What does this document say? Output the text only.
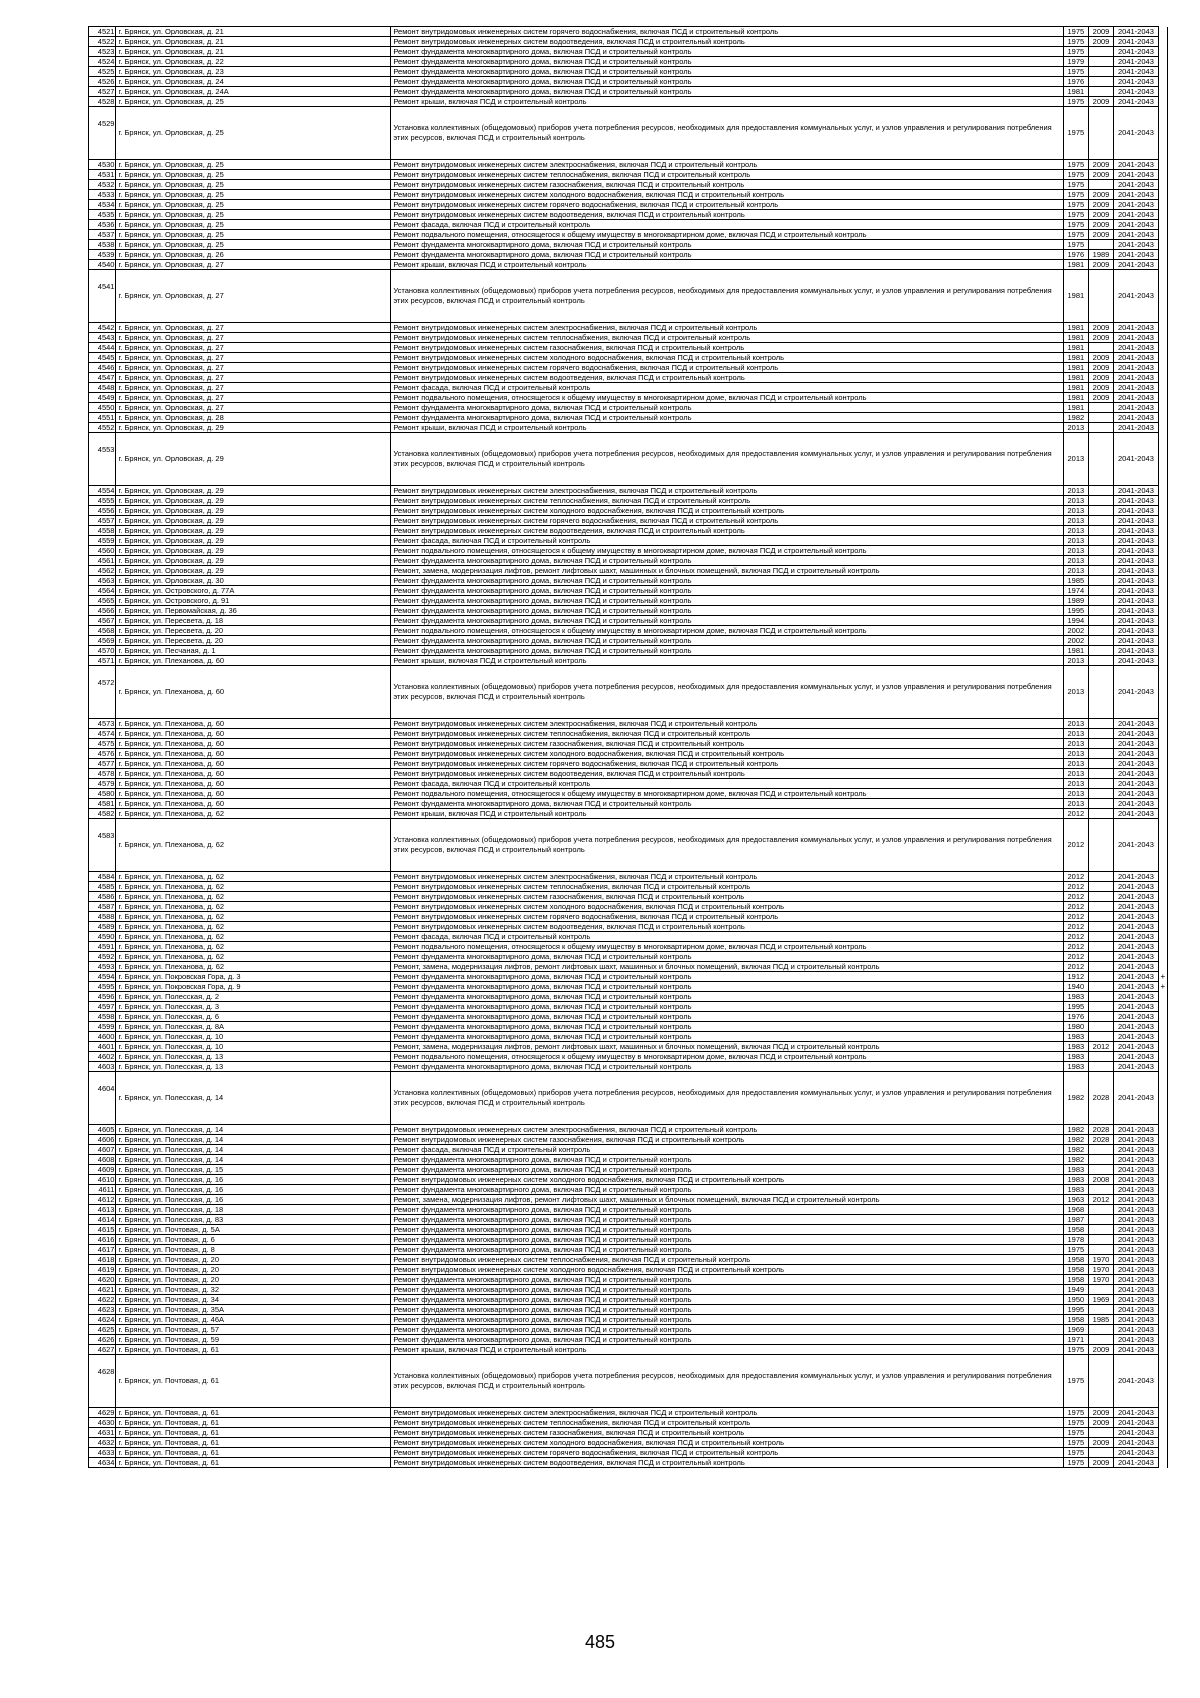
4521	г. Брянск, ул. Орловская, д. 21	Ремонт внутридомовых инженерных систем горячего водоснабжения, включая ПСД и строительный контроль	1975	2009	2041-2043	
4522	г. Брянск, ул. Орловская, д. 21	Ремонт внутридомовых инженерных систем водоотведения, включая ПСД и строительный контроль	1975	2009	2041-2043	
4523	г. Брянск, ул. Орловская, д. 21	Ремонт фундамента многоквартирного дома, включая ПСД и строительный контроль	1975		2041-2043	
4524	г. Брянск, ул. Орловская, д. 22	Ремонт фундамента многоквартирного дома, включая ПСД и строительный контроль	1979		2041-2043	
4525	г. Брянск, ул. Орловская, д. 23	Ремонт фундамента многоквартирного дома, включая ПСД и строительный контроль	1975		2041-2043	
4526	г. Брянск, ул. Орловская, д. 24	Ремонт фундамента многоквартирного дома, включая ПСД и строительный контроль	1976		2041-2043	
4527	г. Брянск, ул. Орловская, д. 24А	Ремонт фундамента многоквартирного дома, включая ПСД и строительный контроль	1981		2041-2043	
4528	г. Брянск, ул. Орловская, д. 25	Ремонт крыши, включая ПСД и строительный контроль	1975	2009	2041-2043	
4529	г. Брянск, ул. Орловская, д. 25	Установка коллективных (общедомовых) приборов учета потребления ресурсов, необходимых для предоставления коммунальных услуг, и узлов управления и регулирования потребления этих ресурсов, включая ПСД и строительный контроль	1975		2041-2043	
4530	г. Брянск, ул. Орловская, д. 25	Ремонт внутридомовых инженерных систем электроснабжения, включая ПСД и строительный контроль	1975	2009	2041-2043	
4531	г. Брянск, ул. Орловская, д. 25	Ремонт внутридомовых инженерных систем теплоснабжения, включая ПСД и строительный контроль	1975	2009	2041-2043	
4532	г. Брянск, ул. Орловская, д. 25	Ремонт внутридомовых инженерных систем газоснабжения, включая ПСД и строительный контроль	1975		2041-2043	
4533	г. Брянск, ул. Орловская, д. 25	Ремонт внутридомовых инженерных систем холодного водоснабжения, включая ПСД и строительный контроль	1975	2009	2041-2043	
4534	г. Брянск, ул. Орловская, д. 25	Ремонт внутридомовых инженерных систем горячего водоснабжения, включая ПСД и строительный контроль	1975	2009	2041-2043	
4535	г. Брянск, ул. Орловская, д. 25	Ремонт внутридомовых инженерных систем водоотведения, включая ПСД и строительный контроль	1975	2009	2041-2043	
4536	г. Брянск, ул. Орловская, д. 25	Ремонт фасада, включая ПСД и строительный контроль	1975	2009	2041-2043	
4537	г. Брянск, ул. Орловская, д. 25	Ремонт подвального помещения, относящегося к общему имуществу в многоквартирном доме, включая ПСД и строительный контроль	1975	2009	2041-2043	
4538	г. Брянск, ул. Орловская, д. 25	Ремонт фундамента многоквартирного дома, включая ПСД и строительный контроль	1975		2041-2043	
4539	г. Брянск, ул. Орловская, д. 26	Ремонт фундамента многоквартирного дома, включая ПСД и строительный контроль	1976	1989	2041-2043	
4540	г. Брянск, ул. Орловская, д. 27	Ремонт крыши, включая ПСД и строительный контроль	1981	2009	2041-2043	
4541	г. Брянск, ул. Орловская, д. 27	Установка коллективных (общедомовых) приборов учета потребления ресурсов, необходимых для предоставления коммунальных услуг, и узлов управления и регулирования потребления этих ресурсов, включая ПСД и строительный контроль	1981		2041-2043	
4542	г. Брянск, ул. Орловская, д. 27	Ремонт внутридомовых инженерных систем электроснабжения, включая ПСД и строительный контроль	1981	2009	2041-2043	
4543	г. Брянск, ул. Орловская, д. 27	Ремонт внутридомовых инженерных систем теплоснабжения, включая ПСД и строительный контроль	1981	2009	2041-2043	
4544	г. Брянск, ул. Орловская, д. 27	Ремонт внутридомовых инженерных систем газоснабжения, включая ПСД и строительный контроль	1981		2041-2043	
4545	г. Брянск, ул. Орловская, д. 27	Ремонт внутридомовых инженерных систем холодного водоснабжения, включая ПСД и строительный контроль	1981	2009	2041-2043	
4546	г. Брянск, ул. Орловская, д. 27	Ремонт внутридомовых инженерных систем горячего водоснабжения, включая ПСД и строительный контроль	1981	2009	2041-2043	
4547	г. Брянск, ул. Орловская, д. 27	Ремонт внутридомовых инженерных систем водоотведения, включая ПСД и строительный контроль	1981	2009	2041-2043	
4548	г. Брянск, ул. Орловская, д. 27	Ремонт фасада, включая ПСД и строительный контроль	1981	2009	2041-2043	
4549	г. Брянск, ул. Орловская, д. 27	Ремонт подвального помещения, относящегося к общему имуществу в многоквартирном доме, включая ПСД и строительный контроль	1981	2009	2041-2043	
4550	г. Брянск, ул. Орловская, д. 27	Ремонт фундамента многоквартирного дома, включая ПСД и строительный контроль	1981		2041-2043	
4551	г. Брянск, ул. Орловская, д. 28	Ремонт фундамента многоквартирного дома, включая ПСД и строительный контроль	1982		2041-2043	
4552	г. Брянск, ул. Орловская, д. 29	Ремонт крыши, включая ПСД и строительный контроль	2013		2041-2043	
4553	г. Брянск, ул. Орловская, д. 29	Установка коллективных (общедомовых) приборов учета потребления ресурсов, необходимых для предоставления коммунальных услуг, и узлов управления и регулирования потребления этих ресурсов, включая ПСД и строительный контроль	2013		2041-2043	
4554	г. Брянск, ул. Орловская, д. 29	Ремонт внутридомовых инженерных систем электроснабжения, включая ПСД и строительный контроль	2013		2041-2043	
4555	г. Брянск, ул. Орловская, д. 29	Ремонт внутридомовых инженерных систем теплоснабжения, включая ПСД и строительный контроль	2013		2041-2043	
4556	г. Брянск, ул. Орловская, д. 29	Ремонт внутридомовых инженерных систем холодного водоснабжения, включая ПСД и строительный контроль	2013		2041-2043	
4557	г. Брянск, ул. Орловская, д. 29	Ремонт внутридомовых инженерных систем горячего водоснабжения, включая ПСД и строительный контроль	2013		2041-2043	
4558	г. Брянск, ул. Орловская, д. 29	Ремонт внутридомовых инженерных систем водоотведения, включая ПСД и строительный контроль	2013		2041-2043	
4559	г. Брянск, ул. Орловская, д. 29	Ремонт фасада, включая ПСД и строительный контроль	2013		2041-2043	
4560	г. Брянск, ул. Орловская, д. 29	Ремонт подвального помещения, относящегося к общему имуществу в многоквартирном доме, включая ПСД и строительный контроль	2013		2041-2043	
4561	г. Брянск, ул. Орловская, д. 29	Ремонт фундамента многоквартирного дома, включая ПСД и строительный контроль	2013		2041-2043	
4562	г. Брянск, ул. Орловская, д. 29	Ремонт, замена, модернизация лифтов, ремонт лифтовых шахт, машинных и блочных помещений, включая ПСД и строительный контроль	2013		2041-2043	
4563	г. Брянск, ул. Орловская, д. 30	Ремонт фундамента многоквартирного дома, включая ПСД и строительный контроль	1985		2041-2043	
4564	г. Брянск, ул. Островского, д. 77А	Ремонт фундамента многоквартирного дома, включая ПСД и строительный контроль	1974		2041-2043	
4565	г. Брянск, ул. Островского, д. 91	Ремонт фундамента многоквартирного дома, включая ПСД и строительный контроль	1989		2041-2043	
4566	г. Брянск, ул. Первомайская, д. 36	Ремонт фундамента многоквартирного дома, включая ПСД и строительный контроль	1995		2041-2043	
4567	г. Брянск, ул. Пересвета, д. 18	Ремонт фундамента многоквартирного дома, включая ПСД и строительный контроль	1994		2041-2043	
4568	г. Брянск, ул. Пересвета, д. 20	Ремонт подвального помещения, относящегося к общему имуществу в многоквартирном доме, включая ПСД и строительный контроль	2002		2041-2043	
4569	г. Брянск, ул. Пересвета, д. 20	Ремонт фундамента многоквартирного дома, включая ПСД и строительный контроль	2002		2041-2043	
4570	г. Брянск, ул. Песчаная, д. 1	Ремонт фундамента многоквартирного дома, включая ПСД и строительный контроль	1981		2041-2043	
4571	г. Брянск, ул. Плеханова, д. 60	Ремонт крыши, включая ПСД и строительный контроль	2013		2041-2043	
4572	г. Брянск, ул. Плеханова, д. 60	Установка коллективных (общедомовых) приборов учета потребления ресурсов, необходимых для предоставления коммунальных услуг, и узлов управления и регулирования потребления этих ресурсов, включая ПСД и строительный контроль	2013		2041-2043	
4573	г. Брянск, ул. Плеханова, д. 60	Ремонт внутридомовых инженерных систем электроснабжения, включая ПСД и строительный контроль	2013		2041-2043	
4574	г. Брянск, ул. Плеханова, д. 60	Ремонт внутридомовых инженерных систем теплоснабжения, включая ПСД и строительный контроль	2013		2041-2043	
4575	г. Брянск, ул. Плеханова, д. 60	Ремонт внутридомовых инженерных систем газоснабжения, включая ПСД и строительный контроль	2013		2041-2043	
4576	г. Брянск, ул. Плеханова, д. 60	Ремонт внутридомовых инженерных систем холодного водоснабжения, включая ПСД и строительный контроль	2013		2041-2043	
4577	г. Брянск, ул. Плеханова, д. 60	Ремонт внутридомовых инженерных систем горячего водоснабжения, включая ПСД и строительный контроль	2013		2041-2043	
4578	г. Брянск, ул. Плеханова, д. 60	Ремонт внутридомовых инженерных систем водоотведения, включая ПСД и строительный контроль	2013		2041-2043	
4579	г. Брянск, ул. Плеханова, д. 60	Ремонт фасада, включая ПСД и строительный контроль	2013		2041-2043	
4580	г. Брянск, ул. Плеханова, д. 60	Ремонт подвального помещения, относящегося к общему имуществу в многоквартирном доме, включая ПСД и строительный контроль	2013		2041-2043	
4581	г. Брянск, ул. Плеханова, д. 60	Ремонт фундамента многоквартирного дома, включая ПСД и строительный контроль	2013		2041-2043	
4582	г. Брянск, ул. Плеханова, д. 62	Ремонт крыши, включая ПСД и строительный контроль	2012		2041-2043	
4583	г. Брянск, ул. Плеханова, д. 62	Установка коллективных (общедомовых) приборов учета потребления ресурсов, необходимых для предоставления коммунальных услуг, и узлов управления и регулирования потребления этих ресурсов, включая ПСД и строительный контроль	2012		2041-2043	
4584	г. Брянск, ул. Плеханова, д. 62	Ремонт внутридомовых инженерных систем электроснабжения, включая ПСД и строительный контроль	2012		2041-2043	
4585	г. Брянск, ул. Плеханова, д. 62	Ремонт внутридомовых инженерных систем теплоснабжения, включая ПСД и строительный контроль	2012		2041-2043	
4586	г. Брянск, ул. Плеханова, д. 62	Ремонт внутридомовых инженерных систем газоснабжения, включая ПСД и строительный контроль	2012		2041-2043	
4587	г. Брянск, ул. Плеханова, д. 62	Ремонт внутридомовых инженерных систем холодного водоснабжения, включая ПСД и строительный контроль	2012		2041-2043	
4588	г. Брянск, ул. Плеханова, д. 62	Ремонт внутридомовых инженерных систем горячего водоснабжения, включая ПСД и строительный контроль	2012		2041-2043	
4589	г. Брянск, ул. Плеханова, д. 62	Ремонт внутридомовых инженерных систем водоотведения, включая ПСД и строительный контроль	2012		2041-2043	
4590	г. Брянск, ул. Плеханова, д. 62	Ремонт фасада, включая ПСД и строительный контроль	2012		2041-2043	
4591	г. Брянск, ул. Плеханова, д. 62	Ремонт подвального помещения, относящегося к общему имуществу в многоквартирном доме, включая ПСД и строительный контроль	2012		2041-2043	
4592	г. Брянск, ул. Плеханова, д. 62	Ремонт фундамента многоквартирного дома, включая ПСД и строительный контроль	2012		2041-2043	
4593	г. Брянск, ул. Плеханова, д. 62	Ремонт, замена, модернизация лифтов, ремонт лифтовых шахт, машинных и блочных помещений, включая ПСД и строительный контроль	2012		2041-2043	
4594	г. Брянск, ул. Покровская Гора, д. 3	Ремонт фундамента многоквартирного дома, включая ПСД и строительный контроль	1912		2041-2043	+
4595	г. Брянск, ул. Покровская Гора, д. 9	Ремонт фундамента многоквартирного дома, включая ПСД и строительный контроль	1940		2041-2043	+
4596	г. Брянск, ул. Полесская, д. 2	Ремонт фундамента многоквартирного дома, включая ПСД и строительный контроль	1983		2041-2043	
4597	г. Брянск, ул. Полесская, д. 3	Ремонт фундамента многоквартирного дома, включая ПСД и строительный контроль	1995		2041-2043	
4598	г. Брянск, ул. Полесская, д. 6	Ремонт фундамента многоквартирного дома, включая ПСД и строительный контроль	1976		2041-2043	
4599	г. Брянск, ул. Полесская, д. 8А	Ремонт фундамента многоквартирного дома, включая ПСД и строительный контроль	1980		2041-2043	
4600	г. Брянск, ул. Полесская, д. 10	Ремонт фундамента многоквартирного дома, включая ПСД и строительный контроль	1983		2041-2043	
4601	г. Брянск, ул. Полесская, д. 10	Ремонт, замена, модернизация лифтов, ремонт лифтовых шахт, машинных и блочных помещений, включая ПСД и строительный контроль	1983	2012	2041-2043	
4602	г. Брянск, ул. Полесская, д. 13	Ремонт подвального помещения, относящегося к общему имуществу в многоквартирном доме, включая ПСД и строительный контроль	1983		2041-2043	
4603	г. Брянск, ул. Полесская, д. 13	Ремонт фундамента многоквартирного дома, включая ПСД и строительный контроль	1983		2041-2043	
4604	г. Брянск, ул. Полесская, д. 14	Установка коллективных (общедомовых) приборов учета потребления ресурсов, необходимых для предоставления коммунальных услуг, и узлов управления и регулирования потребления этих ресурсов, включая ПСД и строительный контроль	1982	2028	2041-2043	
4605	г. Брянск, ул. Полесская, д. 14	Ремонт внутридомовых инженерных систем электроснабжения, включая ПСД и строительный контроль	1982	2028	2041-2043	
4606	г. Брянск, ул. Полесская, д. 14	Ремонт внутридомовых инженерных систем газоснабжения, включая ПСД и строительный контроль	1982	2028	2041-2043	
4607	г. Брянск, ул. Полесская, д. 14	Ремонт фасада, включая ПСД и строительный контроль	1982		2041-2043	
4608	г. Брянск, ул. Полесская, д. 14	Ремонт фундамента многоквартирного дома, включая ПСД и строительный контроль	1982		2041-2043	
4609	г. Брянск, ул. Полесская, д. 15	Ремонт фундамента многоквартирного дома, включая ПСД и строительный контроль	1983		2041-2043	
4610	г. Брянск, ул. Полесская, д. 16	Ремонт внутридомовых инженерных систем холодного водоснабжения, включая ПСД и строительный контроль	1983	2008	2041-2043	
4611	г. Брянск, ул. Полесская, д. 16	Ремонт фундамента многоквартирного дома, включая ПСД и строительный контроль	1983		2041-2043	
4612	г. Брянск, ул. Полесская, д. 16	Ремонт, замена, модернизация лифтов, ремонт лифтовых шахт, машинных и блочных помещений, включая ПСД и строительный контроль	1963	2012	2041-2043	
4613	г. Брянск, ул. Полесская, д. 18	Ремонт фундамента многоквартирного дома, включая ПСД и строительный контроль	1968		2041-2043	
4614	г. Брянск, ул. Полесская, д. 83	Ремонт фундамента многоквартирного дома, включая ПСД и строительный контроль	1987		2041-2043	
4615	г. Брянск, ул. Почтовая, д. 5А	Ремонт фундамента многоквартирного дома, включая ПСД и строительный контроль	1958		2041-2043	
4616	г. Брянск, ул. Почтовая, д. 6	Ремонт фундамента многоквартирного дома, включая ПСД и строительный контроль	1978		2041-2043	
4617	г. Брянск, ул. Почтовая, д. 8	Ремонт фундамента многоквартирного дома, включая ПСД и строительный контроль	1975		2041-2043	
4618	г. Брянск, ул. Почтовая, д. 20	Ремонт внутридомовых инженерных систем теплоснабжения, включая ПСД и строительный контроль	1958	1970	2041-2043	
4619	г. Брянск, ул. Почтовая, д. 20	Ремонт внутридомовых инженерных систем холодного водоснабжения, включая ПСД и строительный контроль	1958	1970	2041-2043	
4620	г. Брянск, ул. Почтовая, д. 20	Ремонт фундамента многоквартирного дома, включая ПСД и строительный контроль	1958	1970	2041-2043	
4621	г. Брянск, ул. Почтовая, д. 32	Ремонт фундамента многоквартирного дома, включая ПСД и строительный контроль	1949		2041-2043	
4622	г. Брянск, ул. Почтовая, д. 34	Ремонт фундамента многоквартирного дома, включая ПСД и строительный контроль	1950	1969	2041-2043	
4623	г. Брянск, ул. Почтовая, д. 35А	Ремонт фундамента многоквартирного дома, включая ПСД и строительный контроль	1995		2041-2043	
4624	г. Брянск, ул. Почтовая, д. 46А	Ремонт фундамента многоквартирного дома, включая ПСД и строительный контроль	1958	1985	2041-2043	
4625	г. Брянск, ул. Почтовая, д. 57	Ремонт фундамента многоквартирного дома, включая ПСД и строительный контроль	1969		2041-2043	
4626	г. Брянск, ул. Почтовая, д. 59	Ремонт фундамента многоквартирного дома, включая ПСД и строительный контроль	1971		2041-2043	
4627	г. Брянск, ул. Почтовая, д. 61	Ремонт крыши, включая ПСД и строительный контроль	1975	2009	2041-2043	
4628	г. Брянск, ул. Почтовая, д. 61	Установка коллективных (общедомовых) приборов учета потребления ресурсов, необходимых для предоставления коммунальных услуг, и узлов управления и регулирования потребления этих ресурсов, включая ПСД и строительный контроль	1975		2041-2043	
4629	г. Брянск, ул. Почтовая, д. 61	Ремонт внутридомовых инженерных систем электроснабжения, включая ПСД и строительный контроль	1975	2009	2041-2043	
4630	г. Брянск, ул. Почтовая, д. 61	Ремонт внутридомовых инженерных систем теплоснабжения, включая ПСД и строительный контроль	1975	2009	2041-2043	
4631	г. Брянск, ул. Почтовая, д. 61	Ремонт внутридомовых инженерных систем газоснабжения, включая ПСД и строительный контроль	1975		2041-2043	
4632	г. Брянск, ул. Почтовая, д. 61	Ремонт внутридомовых инженерных систем холодного водоснабжения, включая ПСД и строительный контроль	1975	2009	2041-2043	
4633	г. Брянск, ул. Почтовая, д. 61	Ремонт внутридомовых инженерных систем горячего водоснабжения, включая ПСД и строительный контроль	1975		2041-2043	
4634	г. Брянск, ул. Почтовая, д. 61	Ремонт внутридомовых инженерных систем водоотведения, включая ПСД и строительный контроль	1975	2009	2041-2043	
485
